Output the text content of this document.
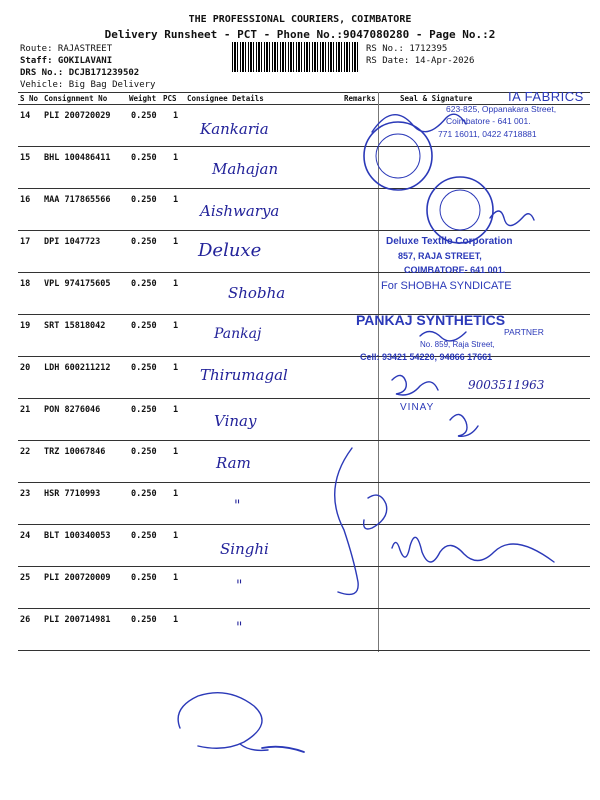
THE PROFESSIONAL COURIERS, COIMBATORE
Delivery Runsheet - PCT - Phone No.:9047080280 - Page No.:2
Route: RAJASTREET
Staff: GOKILAVANI
DRS No.: DCJB171239502
Vehicle: Big Bag Delivery
RS No.: 1712395
RS Date: 14-Apr-2026
S No Consignment No	Weight PCS Consignee Details	Remarks	Seal & Signature
14 PLI 200720029 0.250 1
Kankaria
15 BHL 100486411 0.250 1
Mahajan
16 MAA 717865566 0.250 1
Aishwarya
17 DPI 1047723	0.250 1 Deluxe
18 VPL 974175605 0.250 1	Shobha
19 SRT 15818042	0.250 1	Pankaj
20 LDH 600211212 0.250 1 Thirumagal
21 PON 8276046	0.250 1
Vinay
22 TRZ 10067846	0.250 1
Ram
23 HSR 7710993	0.250 1
"
24 BLT 100340053 0.250 1
Singhi
25 PLI 200720009 0.250 1	"
26 PLI 200714981 0.250 1	"
IA FABRICS
623-825, Oppanakara Street,
Coimbatore - 641 001.
771 16011, 0422 4718881
Deluxe Textile Corporation
857, RAJA STREET,
COIMBATORE- 641 001.
For SHOBHA SYNDICATE
PANKAJ SYNTHETICS
PARTNER
No. 859, Raja Street,
Cell: 93421 54220, 94866 17661
9003511963
VINAY
